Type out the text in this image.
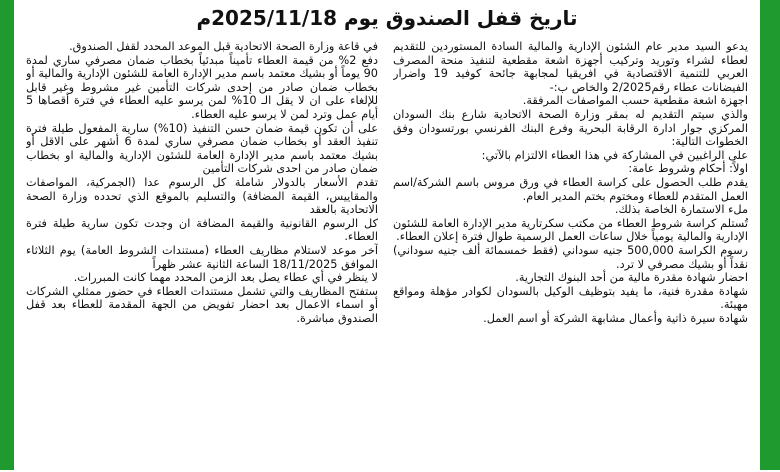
تاريخ قفل الصندوق يوم 2025/11/18م

يدعو السيد مدير عام الشئون الإدارية والمالية السادة المستوردين للتقديم لعطاء لشراء وتوريد وتركيب أجهزة اشعة مقطعية لتنفيذ منحة المصرف العربي للتنمية الاقتصادية في افريقيا لمجابهة جائحة كوفيد 19 واضرار الفيضانات عطاء رقم2/2025 والخاص ب:-

اجهزة اشعة مقطعية حسب المواصفات المرفقة.

والذي سيتم التقديم له بمقر وزارة الصحة الاتحادية شارع بنك السودان المركزي جوار ادارة الرقابة البحرية وفرع البنك الفرنسي بورتسودان وفق الخطوات التالية:

على الراغبين في المشاركة في هذا العطاء الالتزام بالآتي:

اولاً: أحكام وشروط عامة:

يقدم طلب الحصول على كراسة العطاء في ورق مروس باسم الشركة/اسم العمل المتقدم للعطاء ومختوم بختم المدير العام.

ملء الاستمارة الخاصة بذلك.

تُستلم كراسة شروط العطاء من مكتب سكرتارية مدير الإدارة العامة للشئون الإدارية والمالية يومياً خلال ساعات العمل الرسمية طوال فترة إعلان العطاء.

رسوم الكراسة 500,000 جنيه سوداني (فقط خمسمائة ألف جنيه سوداني) نقداً أو بشيك مصرفي لا ترد.

احضار شهادة مقدرة مالية من أحد البنوك التجارية.

شهادة مقدرة فنية، ما يفيد بتوظيف الوكيل بالسودان لكوادر مؤهلة ومواقع مهيئة.

شهادة سيرة ذاتية وأعمال مشابهة الشركة أو اسم العمل.

في قاعة وزارة الصحة الاتحادية قبل الموعد المحدد لقفل الصندوق.

دفع 2% من قيمة العطاء تأميناً مبدئياً بخطاب ضمان مصرفي ساري لمدة 90 يوماً أو بشيك معتمد باسم مدير الإدارة العامة للشئون الإدارية والمالية أو بخطاب ضمان صادر من إحدى شركات التأمين غير مشروط وغير قابل للإلغاء على ان لا يقل الـ 10% لمن يرسو عليه العطاء في فترة أقصاها 5 أيام عمل وترد لمن لا يرسو عليه العطاء.

على أن تكون قيمة ضمان حسن التنفيذ (10%) سارية المفعول طيلة فترة تنفيذ العقد أو بخطاب ضمان مصرفي ساري لمدة 6 أشهر على الاقل أو بشيك معتمد باسم مدير الإدارة العامة للشئون الإدارية والمالية او بخطاب ضمان صادر من احدى شركات التأمين

تقدم الأسعار بالدولار شاملة كل الرسوم عدا (الجمركية، المواصفات والمقاييس، القيمة المضافة) والتسليم بالموقع الذي تحدده وزارة الصحة الاتحادية بالعقد

كل الرسوم القانونية والقيمة المضافة ان وجدت تكون سارية طيلة فترة العطاء.

آخر موعد لاستلام مظاريف العطاء (مستندات الشروط العامة) يوم الثلاثاء الموافق 18/11/2025 الساعة الثانية عشر ظهراً

لا ينظر في أي عطاء يصل بعد الزمن المحدد مهما كانت المبررات.

ستفتح المظاريف والتي تشمل مستندات العطاء في حضور ممثلي الشركات أو اسماء الاعمال بعد احضار تفويض من الجهة المقدمة للعطاء بعد قفل الصندوق مباشرة.
